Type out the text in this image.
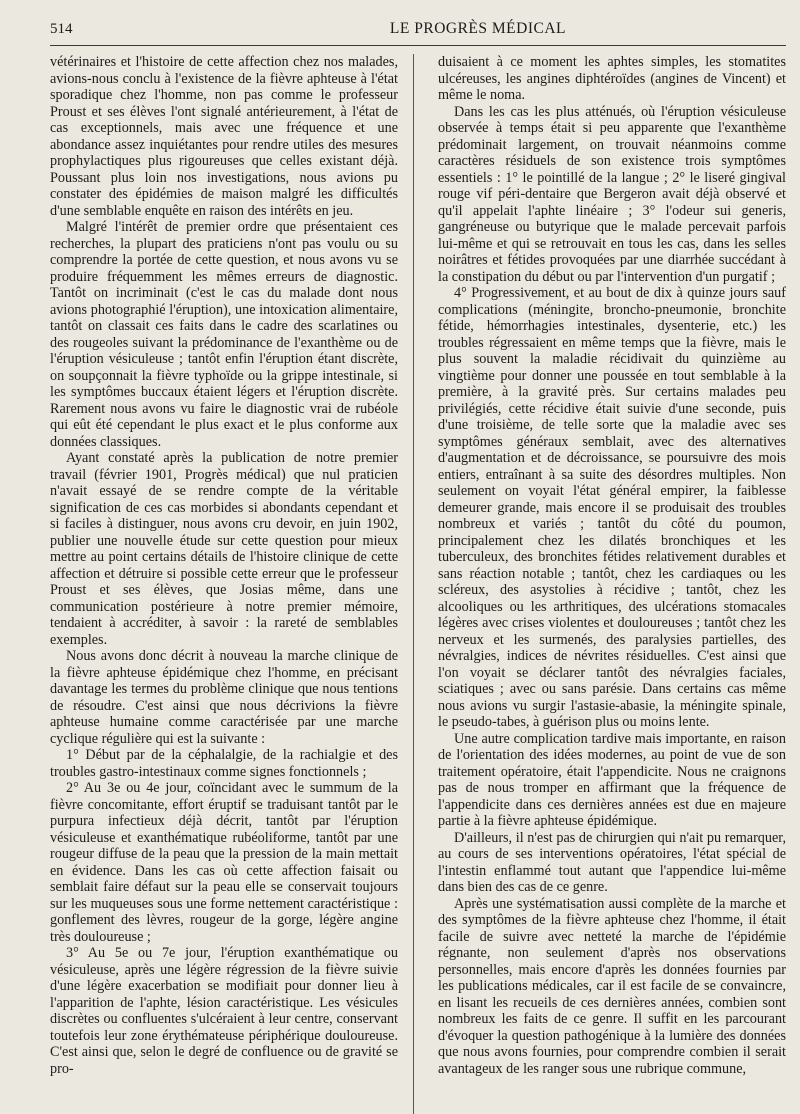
514	LE PROGRÈS MÉDICAL

vétérinaires et l'histoire de cette affection chez nos malades, avions-nous conclu à l'existence de la fièvre aphteuse à l'état sporadique chez l'homme, non pas comme le professeur Proust et ses élèves l'ont signalé antérieurement, à l'état de cas exceptionnels, mais avec une fréquence et une abondance assez inquiétantes pour rendre utiles des mesures prophylactiques plus rigoureuses que celles existant déjà. Poussant plus loin nos investigations, nous avions pu constater des épidémies de maison malgré les difficultés d'une semblable enquête en raison des intérêts en jeu.

Malgré l'intérêt de premier ordre que présentaient ces recherches, la plupart des praticiens n'ont pas voulu ou su comprendre la portée de cette question, et nous avons vu se produire fréquemment les mêmes erreurs de diagnostic. Tantôt on incriminait (c'est le cas du malade dont nous avions photographié l'éruption), une intoxication alimentaire, tantôt on classait ces faits dans le cadre des scarlatines ou des rougeoles suivant la prédominance de l'exanthème ou de l'éruption vésiculeuse ; tantôt enfin l'éruption étant discrète, on soupçonnait la fièvre typhoïde ou la grippe intestinale, si les symptômes buccaux étaient légers et l'éruption discrète. Rarement nous avons vu faire le diagnostic vrai de rubéole qui eût été cependant le plus exact et le plus conforme aux données classiques.

Ayant constaté après la publication de notre premier travail (février 1901, Progrès médical) que nul praticien n'avait essayé de se rendre compte de la véritable signification de ces cas morbides si abondants cependant et si faciles à distinguer, nous avons cru devoir, en juin 1902, publier une nouvelle étude sur cette question pour mieux mettre au point certains détails de l'histoire clinique de cette affection et détruire si possible cette erreur que le professeur Proust et ses élèves, que Josias même, dans une communication postérieure à notre premier mémoire, tendaient à accréditer, à savoir : la rareté de semblables exemples.

Nous avons donc décrit à nouveau la marche clinique de la fièvre aphteuse épidémique chez l'homme, en précisant davantage les termes du problème clinique que nous tentions de résoudre. C'est ainsi que nous décrivions la fièvre aphteuse humaine comme caractérisée par une marche cyclique régulière qui est la suivante :

1° Début par de la céphalalgie, de la rachialgie et des troubles gastro-intestinaux comme signes fonctionnels ;

2° Au 3e ou 4e jour, coïncidant avec le summum de la fièvre concomitante, effort éruptif se traduisant tantôt par le purpura infectieux déjà décrit, tantôt par l'éruption vésiculeuse et exanthématique rubéoliforme, tantôt par une rougeur diffuse de la peau que la pression de la main mettait en évidence. Dans les cas où cette affection faisait ou semblait faire défaut sur la peau elle se conservait toujours sur les muqueuses sous une forme nettement caractéristique : gonflement des lèvres, rougeur de la gorge, légère angine très douloureuse ;

3° Au 5e ou 7e jour, l'éruption exanthématique ou vésiculeuse, après une légère régression de la fièvre suivie d'une légère exacerbation se modifiait pour donner lieu à l'apparition de l'aphte, lésion caractéristique. Les vésicules discrètes ou confluentes s'ulcéraient à leur centre, conservant toutefois leur zone érythémateuse périphérique douloureuse. C'est ainsi que, selon le degré de confluence ou de gravité se pro-

duisaient à ce moment les aphtes simples, les stomatites ulcéreuses, les angines diphtéroïdes (angines de Vincent) et même le noma.

Dans les cas les plus atténués, où l'éruption vésiculeuse observée à temps était si peu apparente que l'exanthème prédominait largement, on trouvait néanmoins comme caractères résiduels de son existence trois symptômes essentiels : 1° le pointillé de la langue ; 2° le liseré gingival rouge vif péri-dentaire que Bergeron avait déjà observé et qu'il appelait l'aphte linéaire ; 3° l'odeur sui generis, gangréneuse ou butyrique que le malade percevait parfois lui-même et qui se retrouvait en tous les cas, dans les selles noirâtres et fétides provoquées par une diarrhée succédant à la constipation du début ou par l'intervention d'un purgatif ;

4° Progressivement, et au bout de dix à quinze jours sauf complications (méningite, broncho-pneumonie, bronchite fétide, hémorrhagies intestinales, dysenterie, etc.) les troubles régressaient en même temps que la fièvre, mais le plus souvent la maladie récidivait du quinzième au vingtième pour donner une poussée en tout semblable à la première, à la gravité près. Sur certains malades peu privilégiés, cette récidive était suivie d'une seconde, puis d'une troisième, de telle sorte que la maladie avec ses symptômes généraux semblait, avec des alternatives d'augmentation et de décroissance, se poursuivre des mois entiers, entraînant à sa suite des désordres multiples. Non seulement on voyait l'état général empirer, la faiblesse demeurer grande, mais encore il se produisait des troubles nombreux et variés ; tantôt du côté du poumon, principalement chez les dilatés bronchiques et les tuberculeux, des bronchites fétides relativement durables et sans réaction notable ; tantôt, chez les cardiaques ou les scléreux, des asystolies à récidive ; tantôt, chez les alcooliques ou les arthritiques, des ulcérations stomacales légères avec crises violentes et douloureuses ; tantôt chez les nerveux et les surmenés, des paralysies partielles, des névralgies, indices de névrites résiduelles. C'est ainsi que l'on voyait se déclarer tantôt des névralgies faciales, sciatiques ; avec ou sans parésie. Dans certains cas même nous avions vu surgir l'astasie-abasie, la méningite spinale, le pseudo-tabes, à guérison plus ou moins lente.

Une autre complication tardive mais importante, en raison de l'orientation des idées modernes, au point de vue de son traitement opératoire, était l'appendicite. Nous ne craignons pas de nous tromper en affirmant que la fréquence de l'appendicite dans ces dernières années est due en majeure partie à la fièvre aphteuse épidémique.

D'ailleurs, il n'est pas de chirurgien qui n'ait pu remarquer, au cours de ses interventions opératoires, l'état spécial de l'intestin enflammé tout autant que l'appendice lui-même dans bien des cas de ce genre.

Après une systématisation aussi complète de la marche et des symptômes de la fièvre aphteuse chez l'homme, il était facile de suivre avec netteté la marche de l'épidémie régnante, non seulement d'après nos observations personnelles, mais encore d'après les données fournies par les publications médicales, car il est facile de se convaincre, en lisant les recueils de ces dernières années, combien sont nombreux les faits de ce genre. Il suffit en les parcourant d'évoquer la question pathogénique à la lumière des données que nous avons fournies, pour comprendre combien il serait avantageux de les ranger sous une rubrique commune,
